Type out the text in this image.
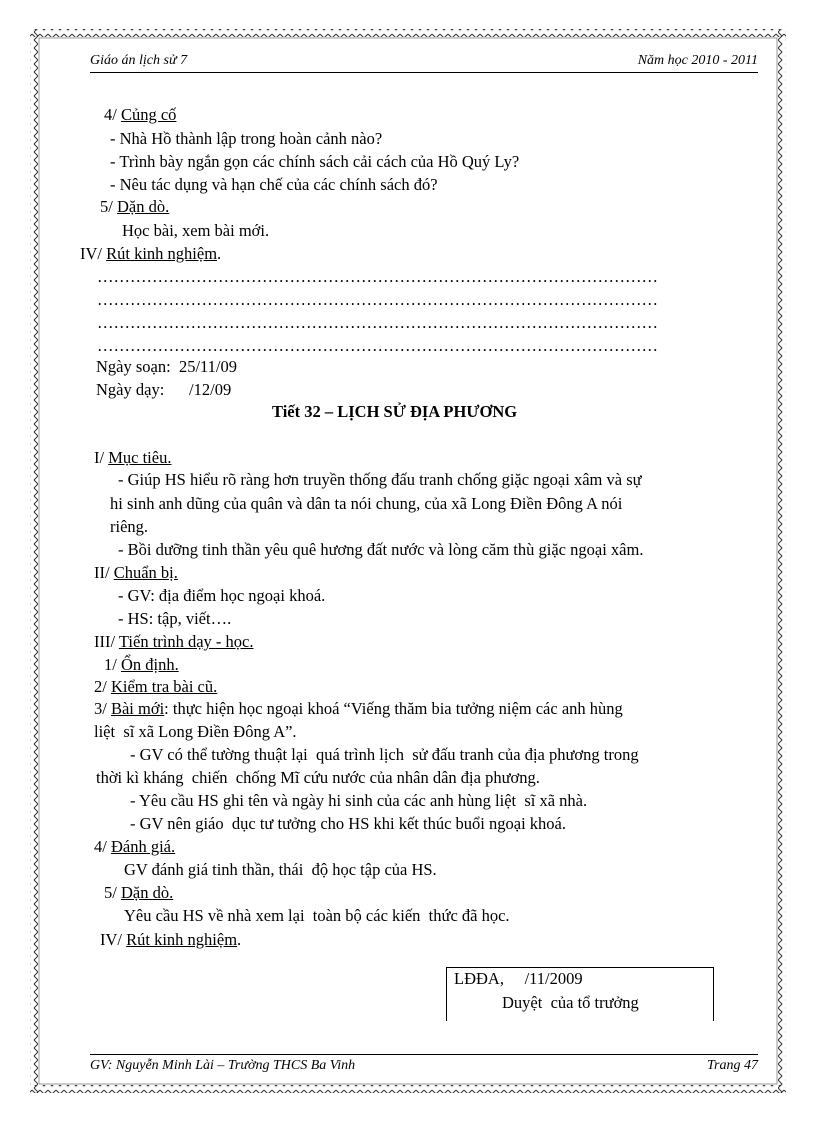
Giáo án lịch sử 7	Năm học 2010 - 2011
4/ Củng cố
- Nhà Hồ thành lập trong hoàn cảnh nào?
- Trình bày ngắn gọn các chính sách cải cách của Hồ Quý Ly?
- Nêu tác dụng và hạn chế của các chính sách đó?
5/ Dặn dò.
Học bài, xem bài mới.
IV/ Rút kinh nghiệm.
…………………………………………………………………………………………
…………………………………………………………………………………………
…………………………………………………………………………………………
…………………………………………………………………………………………
Ngày soạn:  25/11/09
Ngày dạy:      /12/09
Tiết 32 – LỊCH SỬ ĐỊA PHƯƠNG
I/ Mục tiêu.
- Giúp HS hiểu rõ ràng hơn truyền thống đấu tranh chống giặc ngoại xâm và sự
hi sinh anh dũng của quân và dân ta nói chung, của xã Long Điền Đông A nói
riêng.
- Bồi dưỡng tinh thần yêu quê hương đất nước và lòng căm thù giặc ngoại xâm.
II/ Chuẩn bị.
- GV: địa điểm học ngoại khoá.
- HS: tập, viết….
III/ Tiến trình dạy - học.
1/ Ổn định.
2/ Kiểm tra bài cũ.
3/ Bài mới: thực hiện học ngoại khoá “Viếng thăm bia tưởng niệm các anh hùng
liệt  sĩ xã Long Điền Đông A”.
- GV có thể tường thuật lại  quá trình lịch  sử đấu tranh của địa phương trong
thời kì kháng  chiến  chống Mĩ cứu nước của nhân dân địa phương.
- Yêu cầu HS ghi tên và ngày hi sinh của các anh hùng liệt  sĩ xã nhà.
- GV nên giáo  dục tư tưởng cho HS khi kết thúc buổi ngoại khoá.
4/ Đánh giá.
GV đánh giá tinh thần, thái  độ học tập của HS.
5/ Dặn dò.
Yêu cầu HS về nhà xem lại  toàn bộ các kiến  thức đã học.
IV/ Rút kinh nghiệm.
LĐĐA,     /11/2009
Duyệt  của tổ trưởng
GV: Nguyễn Minh Lài – Trường THCS Ba Vinh	Trang 47
